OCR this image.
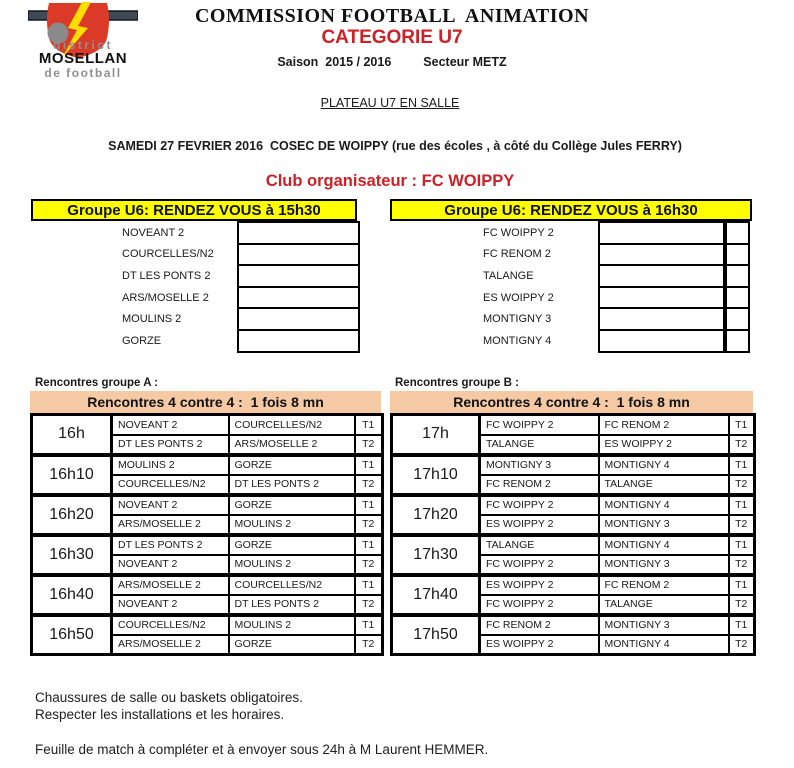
district
MOSELLAN
de football
COMMISSION FOOTBALL  ANIMATION
CATEGORIE U7
Saison  2015 / 2016	Secteur METZ
PLATEAU U7 EN SALLE
SAMEDI 27 FEVRIER 2016  COSEC DE WOIPPY (rue des écoles , à côté du Collège Jules FERRY)
Club organisateur : FC WOIPPY
Groupe U6: RENDEZ VOUS à 15h30
NOVEANT 2
COURCELLES/N2
DT LES PONTS 2
ARS/MOSELLE 2
MOULINS 2
GORZE
Groupe U6: RENDEZ VOUS à 16h30
FC WOIPPY 2
FC RENOM 2
TALANGE
ES WOIPPY 2
MONTIGNY 3
MONTIGNY 4
Rencontres groupe A :
Rencontres 4 contre 4 :  1 fois 8 mn
16h	NOVEANT 2	COURCELLES/N2	T1
	DT LES PONTS 2	ARS/MOSELLE 2	T2
16h10	MOULINS 2	GORZE	T1
	COURCELLES/N2	DT LES PONTS 2	T2
16h20	NOVEANT 2	GORZE	T1
	ARS/MOSELLE 2	MOULINS 2	T2
16h30	DT LES PONTS 2	GORZE	T1
	NOVEANT 2	MOULINS 2	T2
16h40	ARS/MOSELLE 2	COURCELLES/N2	T1
	NOVEANT 2	DT LES PONTS 2	T2
16h50	COURCELLES/N2	MOULINS 2	T1
	ARS/MOSELLE 2	GORZE	T2
Rencontres groupe B :
Rencontres 4 contre 4 :  1 fois 8 mn
17h	FC WOIPPY 2	FC RENOM 2	T1
	TALANGE	ES WOIPPY 2	T2
17h10	MONTIGNY 3	MONTIGNY 4	T1
	FC RENOM 2	TALANGE	T2
17h20	FC WOIPPY 2	MONTIGNY 4	T1
	ES WOIPPY 2	MONTIGNY 3	T2
17h30	TALANGE	MONTIGNY 4	T1
	FC WOIPPY 2	MONTIGNY 3	T2
17h40	ES WOIPPY 2	FC RENOM 2	T1
	FC WOIPPY 2	TALANGE	T2
17h50	FC RENOM 2	MONTIGNY 3	T1
	ES WOIPPY 2	MONTIGNY 4	T2
Chaussures de salle ou baskets obligatoires.
Respecter les installations et les horaires.
Feuille de match à compléter et à envoyer sous 24h à M Laurent HEMMER.
